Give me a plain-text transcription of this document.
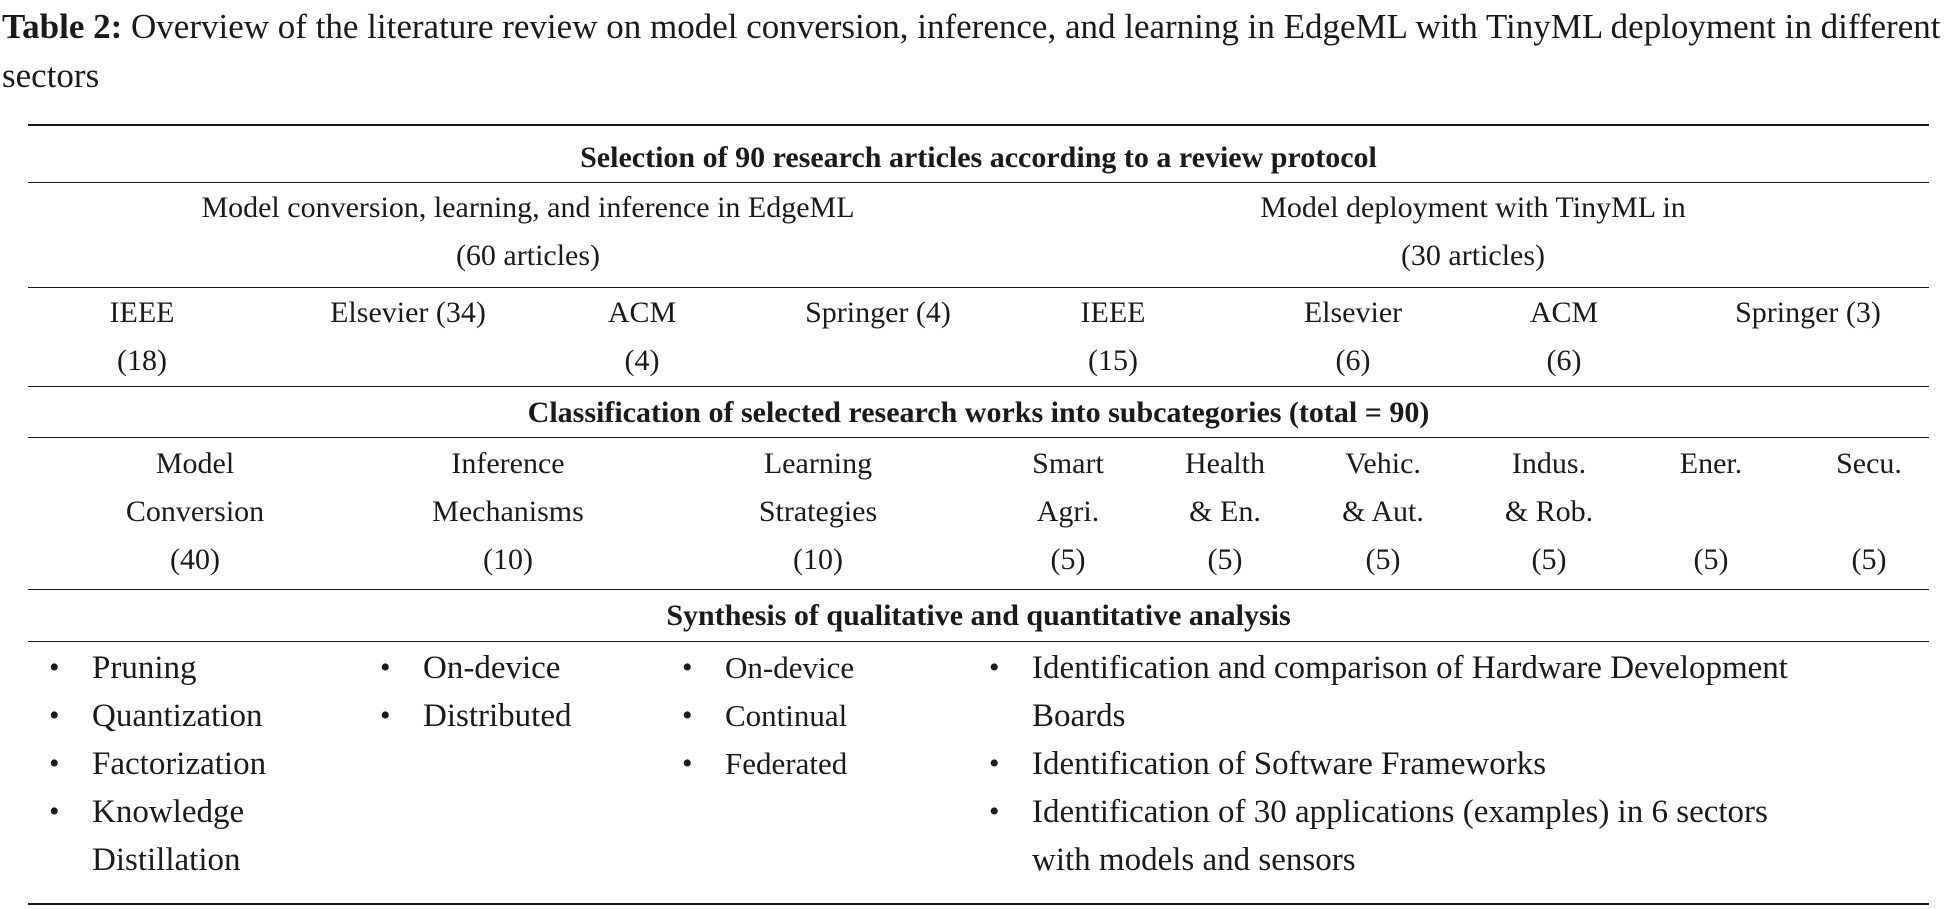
Table 2: Overview of the literature review on model conversion, inference, and learning in EdgeML with TinyML deployment in different sectors
Selection of 90 research articles according to a review protocol
Model conversion, learning, and inference in EdgeML
(60 articles)
Model deployment with TinyML in
(30 articles)
IEEE
(18)
Elsevier (34)	ACM
(4)
Springer (4)	IEEE
(15)
Elsevier
(6)
ACM
(6)
Springer (3)
Classification of selected research works into subcategories (total = 90)
Model
Conversion
(40)
Inference
Mechanisms
(10)
Learning
Strategies
(10)
Smart
Agri.
(5)
Health
& En.
(5)
Vehic.
& Aut.
(5)
Indus.
& Rob.
(5)
Ener.
(5)
Secu.
(5)
Synthesis of qualitative and quantitative analysis
• Pruning
• Quantization
• Factorization
• Knowledge Distillation
• On-device
• Distributed
• On-device
• Continual
• Federated
• Identification and comparison of Hardware Development Boards
• Identification of Software Frameworks
• Identification of 30 applications (examples) in 6 sectors with models and sensors
